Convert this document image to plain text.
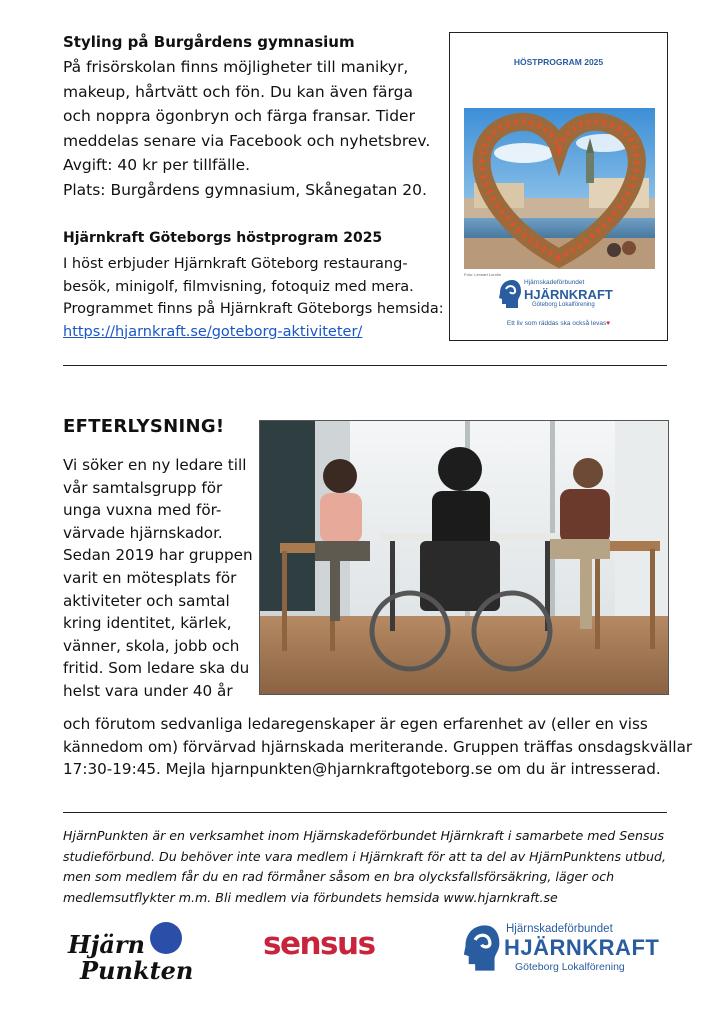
Styling på Burgårdens gymnasium
På frisörskolan finns möjligheter till manikyr,
makeup, hårtvätt och fön. Du kan även färga
och noppra ögonbryn och färga fransar. Tider
meddelas senare via Facebook och nyhetsbrev.
Avgift: 40 kr per tillfälle.
Plats: Burgårdens gymnasium, Skånegatan 20.
Hjärnkraft Göteborgs höstprogram 2025
I höst erbjuder Hjärnkraft Göteborg restaurang-
besök, minigolf, filmvisning, fotoquiz med mera.
Programmet finns på Hjärnkraft Göteborgs hemsida:
https://hjarnkraft.se/goteborg-aktiviteter/
HÖSTPROGRAM 2025
Foto: Lennart Lundin
Hjärnskadeförbundet
HJÄRNKRAFT
Göteborg Lokalförening
Ett liv som räddas ska också levas♥
EFTERLYSNING!
Vi söker en ny ledare till
vår samtalsgrupp för
unga vuxna med för-
värvade hjärnskador.
Sedan 2019 har gruppen
varit en mötesplats för
aktiviteter och samtal
kring identitet, kärlek,
vänner, skola, jobb och
fritid. Som ledare ska du
helst vara under 40 år
och förutom sedvanliga ledaregenskaper är egen erfarenhet av (eller en viss
kännedom om) förvärvad hjärnskada meriterande. Gruppen träffas onsdagskvällar
17:30-19:45. Mejla hjarnpunkten@hjarnkraftgoteborg.se om du är intresserad.
HjärnPunkten är en verksamhet inom Hjärnskadeförbundet Hjärnkraft i samarbete med Sensus
studieförbund. Du behöver inte vara medlem i Hjärnkraft för att ta del av HjärnPunktens utbud,
men som medlem får du en rad förmåner såsom en bra olycksfallsförsäkring, läger och
medlemsutflykter m.m. Bli medlem via förbundets hemsida www.hjarnkraft.se
Hjärn
Punkten
sensus	Hjärnskadeförbundet
HJÄRNKRAFT
Göteborg Lokalförening
